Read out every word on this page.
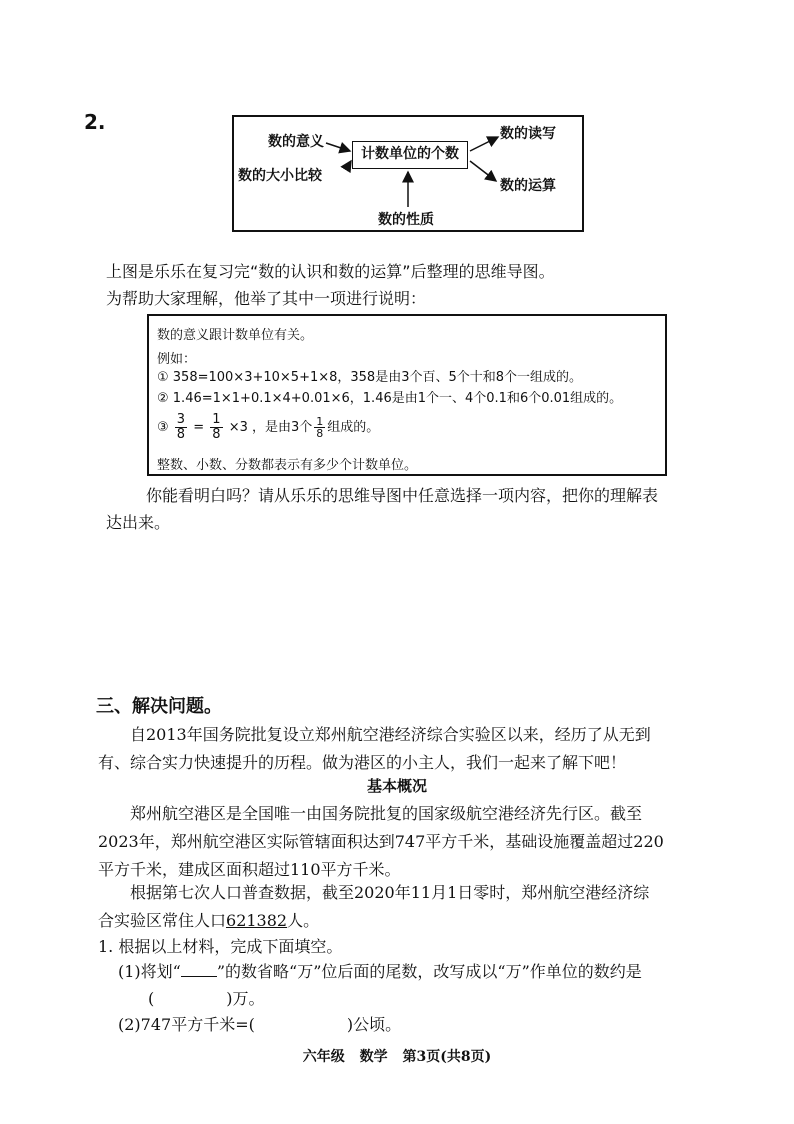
2.
计数单位的个数
数的意义
数的大小比较
数的读写
数的运算
数的性质
上图是乐乐在复习完“数的认识和数的运算”后整理的思维导图。
为帮助大家理解，他举了其中一项进行说明：
数的意义跟计数单位有关。
例如：
① 358=100×3+10×5+1×8，358是由3个百、5个十和8个一组成的。
② 1.46=1×1+0.1×4+0.01×6，1.46是由1个一、4个0.1和6个0.01组成的。
③ $\frac{3}{8} = \frac{1}{8} \times 3$ ，是由3个 $\frac{1}{8}$ 组成的。
整数、小数、分数都表示有多少个计数单位。
你能看明白吗？请从乐乐的思维导图中任意选择一项内容，把你的理解表
达出来。
三、解决问题。
自2013年国务院批复设立郑州航空港经济综合实验区以来，经历了从无到
有、综合实力快速提升的历程。做为港区的小主人，我们一起来了解下吧！
基本概况
郑州航空港区是全国唯一由国务院批复的国家级航空港经济先行区。截至
2023年，郑州航空港区实际管辖面积达到747平方千米，基础设施覆盖超过220
平方千米，建成区面积超过110平方千米。
根据第七次人口普查数据，截至2020年11月1日零时，郑州航空港经济综
合实验区常住人口621382人。
1. 根据以上材料，完成下面填空。
(1)将划“ ”的数省略“万”位后面的尾数，改写成以“万”作单位的数约是
(	)万。
(2)747平方千米=(	)公顷。
六年级 数学 第3页(共8页)
